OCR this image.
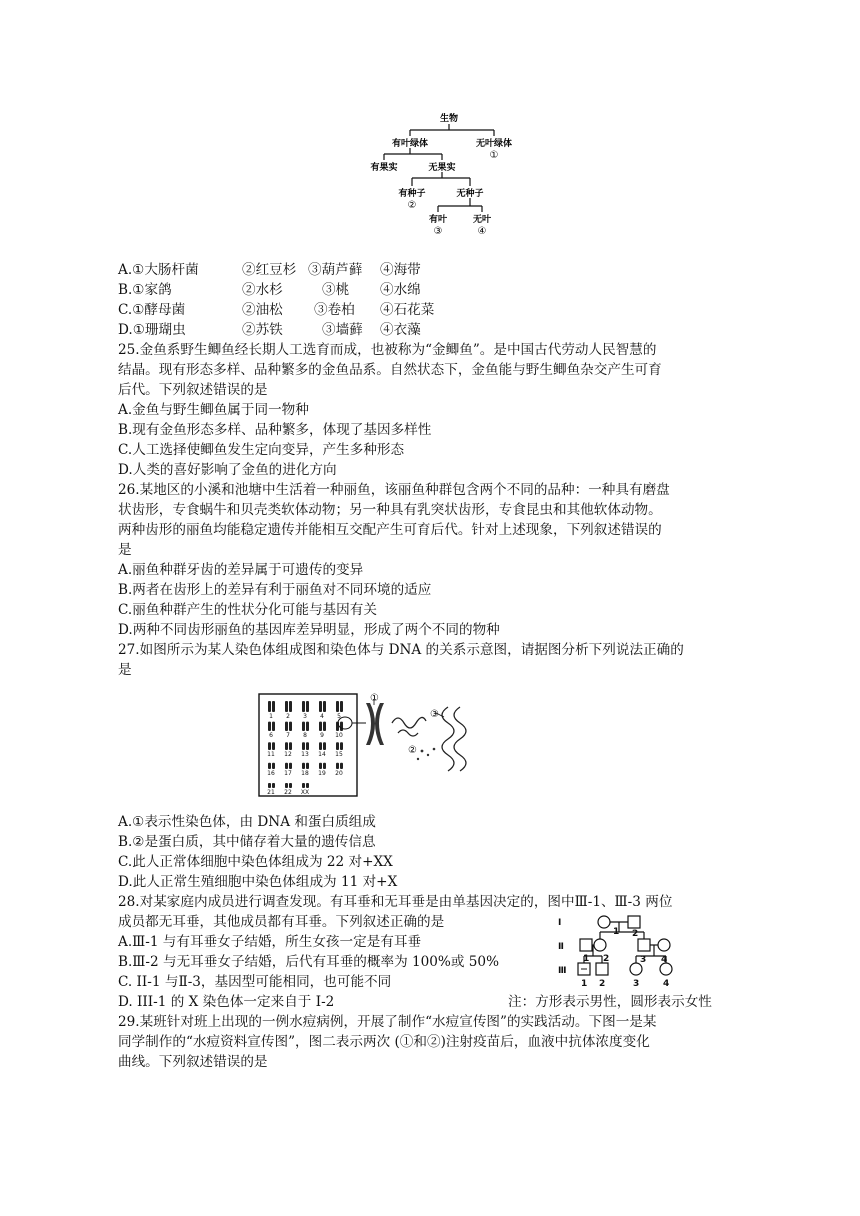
生物
有叶绿体	无叶绿体
①
有果实	无果实
有种子	无种子
②
有叶	无叶
③	④
A.①大肠杆菌	②红豆杉 ③葫芦藓 ④海带
B.①家鸽	②水杉	③桃 ④水绵
C.①酵母菌	②油松 ③卷柏 ④石花菜
D.①珊瑚虫	②苏铁	③墙藓 ④衣藻
25.金鱼系野生鲫鱼经长期人工选育而成，也被称为“金鲫鱼”。是中国古代劳动人民智慧的
结晶。现有形态多样、品种繁多的金鱼品系。自然状态下，金鱼能与野生鲫鱼杂交产生可育
后代。下列叙述错误的是
A.金鱼与野生鲫鱼属于同一物种
B.现有金鱼形态多样、品种繁多，体现了基因多样性
C.人工选择使鲫鱼发生定向变异，产生多种形态
D.人类的喜好影响了金鱼的进化方向
26.某地区的小溪和池塘中生活着一种丽鱼，该丽鱼种群包含两个不同的品种：一种具有磨盘
状齿形，专食蜗牛和贝壳类软体动物；另一种具有乳突状齿形，专食昆虫和其他软体动物。
两种齿形的丽鱼均能稳定遗传并能相互交配产生可育后代。针对上述现象，下列叙述错误的
是
A.丽鱼种群牙齿的差异属于可遗传的变异
B.两者在齿形上的差异有利于丽鱼对不同环境的适应
C.丽鱼种群产生的性状分化可能与基因有关
D.两种不同齿形丽鱼的基因库差异明显，形成了两个不同的物种
27.如图所示为某人染色体组成图和染色体与 DNA 的关系示意图，请据图分析下列说法正确的
是
①
②
③
1 2 3 4 5
6 7 8 9 10
11 12 13 14 15
16 17 18 19 20
21 22 XX
A.①表示性染色体，由 DNA 和蛋白质组成
B.②是蛋白质，其中储存着大量的遗传信息
C.此人正常体细胞中染色体组成为 22 对+XX
D.此人正常生殖细胞中染色体组成为 11 对+X
28.对某家庭内成员进行调查发现。有耳垂和无耳垂是由单基因决定的，图中Ⅲ-1、Ⅲ-3 两位
成员都无耳垂，其他成员都有耳垂。下列叙述正确的是
A.Ⅲ-1 与有耳垂女子结婚，所生女孩一定是有耳垂
B.Ⅲ-2 与无耳垂女子结婚，后代有耳垂的概率为 100%或 50%
C. II-1 与Ⅱ-3，基因型可能相同，也可能不同
D. III-1 的 X 染色体一定来自于 I-2	注：方形表示男性，圆形表示女性
Ⅰ
Ⅱ
Ⅲ
1 2
1 2	3 4
1 2	3	4
29.某班针对班上出现的一例水痘病例，开展了制作“水痘宣传图”的实践活动。下图一是某
同学制作的“水痘资料宣传图”，图二表示两次 (①和②)注射疫苗后，血液中抗体浓度变化
曲线。下列叙述错误的是
